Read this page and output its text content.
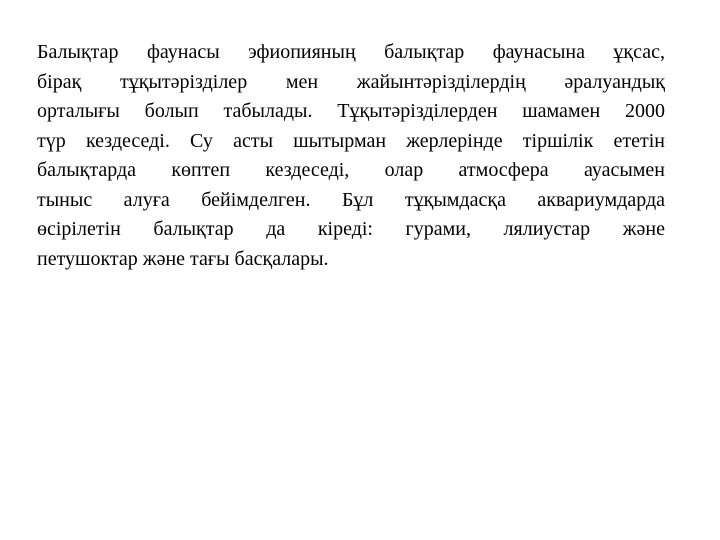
Балықтар фаунасы эфиопияның балықтар фаунасына ұқсас,
бірақ тұқытәрізділер мен жайынтәрізділердің әралуандық
орталығы болып табылады. Тұқытәрізділерден шамамен 2000
түр кездеседі. Су асты шытырман жерлерінде тіршілік ететін
балықтарда көптеп кездеседі, олар атмосфера ауасымен
тыныс алуға бейімделген. Бұл тұқымдасқа аквариумдарда
өсірілетін балықтар да кіреді: гурами, лялиустар және
петушоктар және тағы басқалары.
